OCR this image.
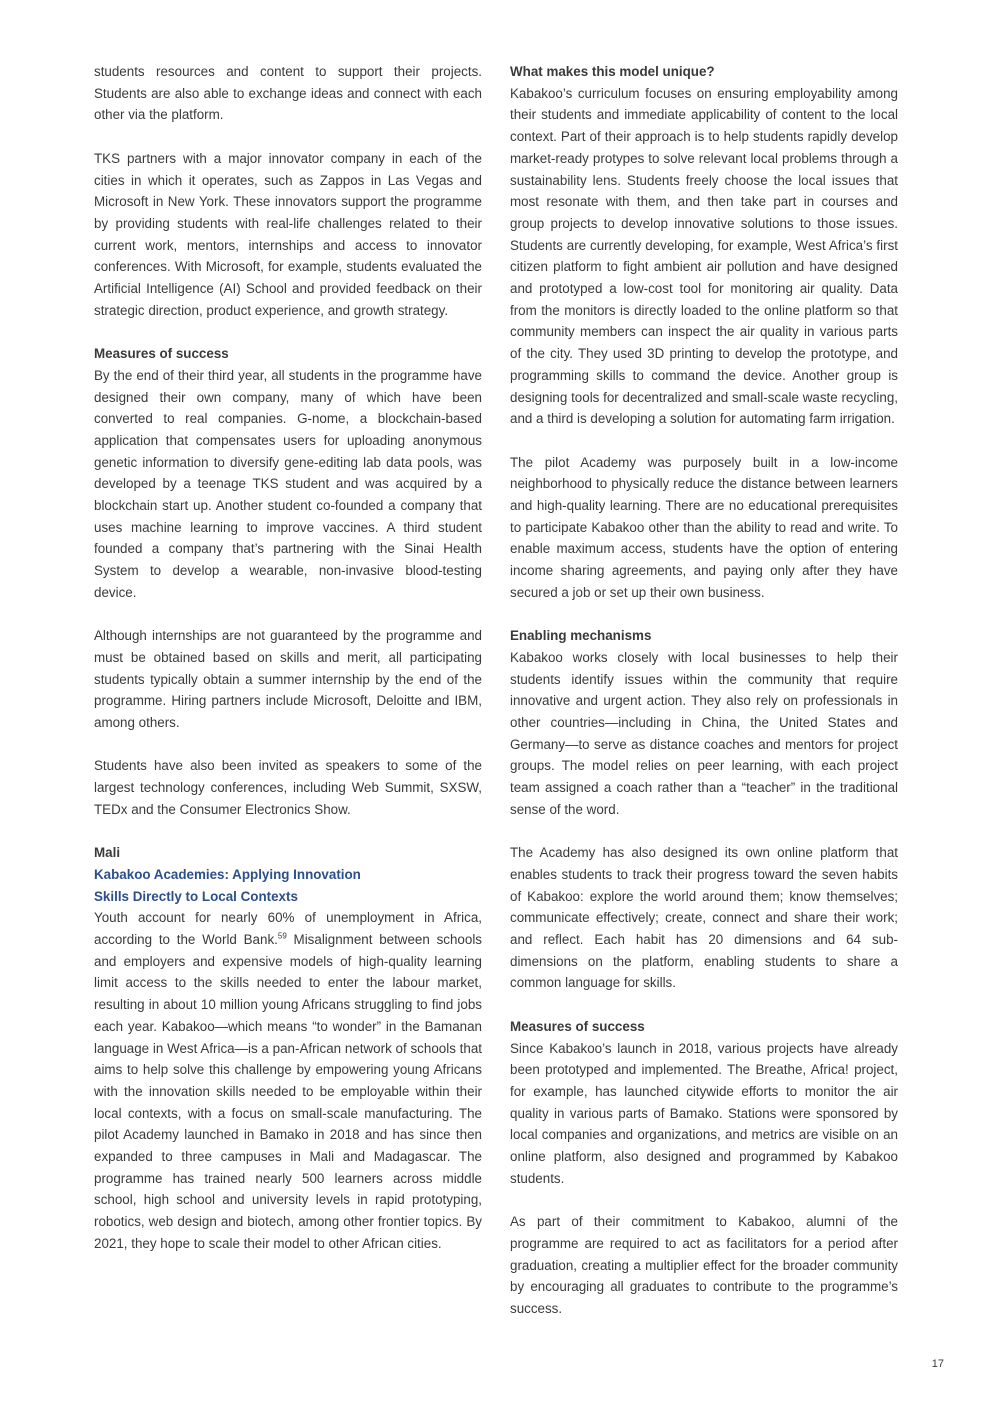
students resources and content to support their projects. Students are also able to exchange ideas and connect with each other via the platform.

TKS partners with a major innovator company in each of the cities in which it operates, such as Zappos in Las Vegas and Microsoft in New York. These innovators support the programme by providing students with real-life challenges related to their current work, mentors, internships and access to innovator conferences. With Microsoft, for example, students evaluated the Artificial Intelligence (AI) School and provided feedback on their strategic direction, product experience, and growth strategy.

Measures of success

By the end of their third year, all students in the programme have designed their own company, many of which have been converted to real companies. G-nome, a blockchain-based application that compensates users for uploading anonymous genetic information to diversify gene-editing lab data pools, was developed by a teenage TKS student and was acquired by a blockchain start up. Another student co-founded a company that uses machine learning to improve vaccines. A third student founded a company that’s partnering with the Sinai Health System to develop a wearable, non-invasive blood-testing device.

Although internships are not guaranteed by the programme and must be obtained based on skills and merit, all participating students typically obtain a summer internship by the end of the programme. Hiring partners include Microsoft, Deloitte and IBM, among others.

Students have also been invited as speakers to some of the largest technology conferences, including Web Summit, SXSW, TEDx and the Consumer Electronics Show.

Mali
Kabakoo Academies: Applying Innovation
Skills Directly to Local Contexts

Youth account for nearly 60% of unemployment in Africa, according to the World Bank.$^{59}$ Misalignment between schools and employers and expensive models of high-quality learning limit access to the skills needed to enter the labour market, resulting in about 10 million young Africans struggling to find jobs each year. Kabakoo—which means “to wonder” in the Bamanan language in West Africa—is a pan-African network of schools that aims to help solve this challenge by empowering young Africans with the innovation skills needed to be employable within their local contexts, with a focus on small-scale manufacturing. The pilot Academy launched in Bamako in 2018 and has since then expanded to three campuses in Mali and Madagascar. The programme has trained nearly 500 learners across middle school, high school and university levels in rapid prototyping, robotics, web design and biotech, among other frontier topics. By 2021, they hope to scale their model to other African cities.

What makes this model unique?

Kabakoo’s curriculum focuses on ensuring employability among their students and immediate applicability of content to the local context. Part of their approach is to help students rapidly develop market-ready protypes to solve relevant local problems through a sustainability lens. Students freely choose the local issues that most resonate with them, and then take part in courses and group projects to develop innovative solutions to those issues. Students are currently developing, for example, West Africa’s first citizen platform to fight ambient air pollution and have designed and prototyped a low-cost tool for monitoring air quality. Data from the monitors is directly loaded to the online platform so that community members can inspect the air quality in various parts of the city. They used 3D printing to develop the prototype, and programming skills to command the device. Another group is designing tools for decentralized and small-scale waste recycling, and a third is developing a solution for automating farm irrigation.

The pilot Academy was purposely built in a low-income neighborhood to physically reduce the distance between learners and high-quality learning. There are no educational prerequisites to participate Kabakoo other than the ability to read and write. To enable maximum access, students have the option of entering income sharing agreements, and paying only after they have secured a job or set up their own business.

Enabling mechanisms

Kabakoo works closely with local businesses to help their students identify issues within the community that require innovative and urgent action. They also rely on professionals in other countries—including in China, the United States and Germany—to serve as distance coaches and mentors for project groups. The model relies on peer learning, with each project team assigned a coach rather than a “teacher” in the traditional sense of the word.

The Academy has also designed its own online platform that enables students to track their progress toward the seven habits of Kabakoo: explore the world around them; know themselves; communicate effectively; create, connect and share their work; and reflect. Each habit has 20 dimensions and 64 sub-dimensions on the platform, enabling students to share a common language for skills.

Measures of success

Since Kabakoo’s launch in 2018, various projects have already been prototyped and implemented. The Breathe, Africa! project, for example, has launched citywide efforts to monitor the air quality in various parts of Bamako. Stations were sponsored by local companies and organizations, and metrics are visible on an online platform, also designed and programmed by Kabakoo students.

As part of their commitment to Kabakoo, alumni of the programme are required to act as facilitators for a period after graduation, creating a multiplier effect for the broader community by encouraging all graduates to contribute to the programme’s success.

17
